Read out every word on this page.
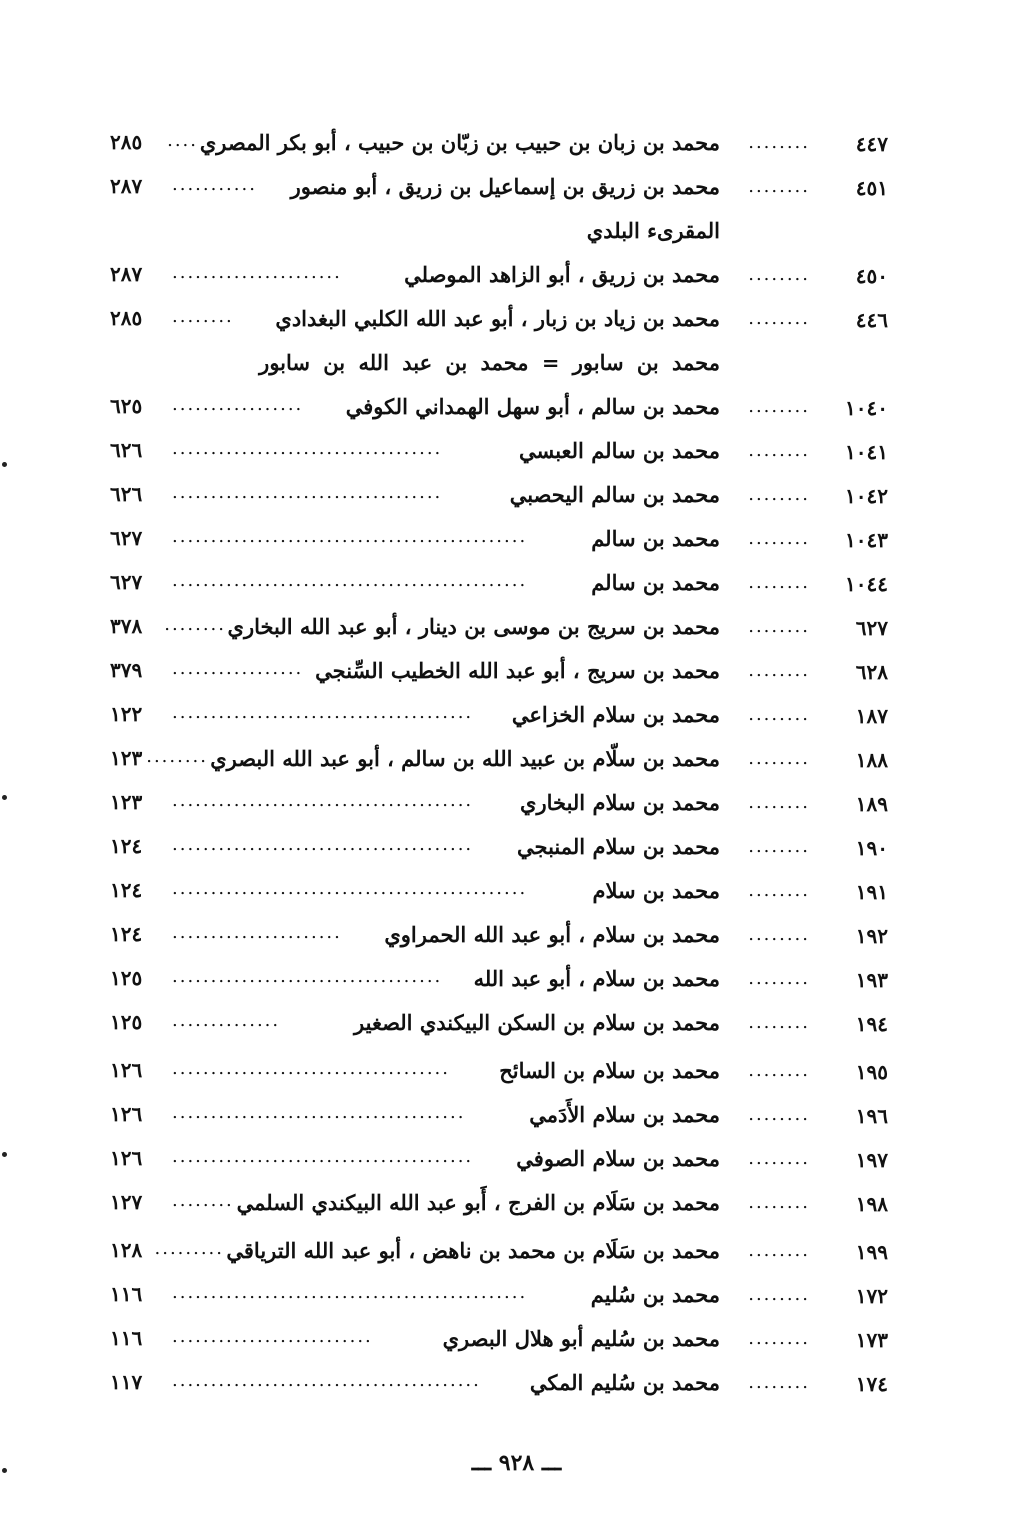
٤٤٧
........
محمد بن زبان بن حبيب بن زبّان بن حبيب ، أبو بكر المصري
....
٢٨٥
٤٥١
........
محمد بن زريق بن إسماعيل بن زريق ، أبو منصور
...........
٢٨٧
المقرىء البلدي
٤٥٠
........
محمد بن زريق ، أبو الزاهد الموصلي
......................
٢٨٧
٤٤٦
........
محمد بن زياد بن زبار ، أبو عبد الله الكلبي البغدادي
........
٢٨٥
محمد بن سابور = محمد بن عبد الله بن سابور
١٠٤٠
........
محمد بن سالم ، أبو سهل الهمداني الكوفي
.................
٦٢٥
١٠٤١
........
محمد بن سالم العبسي
...................................
٦٢٦
١٠٤٢
........
محمد بن سالم اليحصبي
...................................
٦٢٦
١٠٤٣
........
محمد بن سالم
..............................................
٦٢٧
١٠٤٤
........
محمد بن سالم
..............................................
٦٢٧
٦٢٧
........
محمد بن سريج بن موسى بن دينار ، أبو عبد الله البخاري
........
٣٧٨
٦٢٨
........
محمد بن سريج ، أبو عبد الله الخطيب السِّنجي
.................
٣٧٩
١٨٧
........
محمد بن سلام الخزاعي
.......................................
١٢٢
١٨٨
........
محمد بن سلّام بن عبيد الله بن سالم ، أبو عبد الله البصري
........
١٢٣
١٨٩
........
محمد بن سلام البخاري
.......................................
١٢٣
١٩٠
........
محمد بن سلام المنبجي
.......................................
١٢٤
١٩١
........
محمد بن سلام
..............................................
١٢٤
١٩٢
........
محمد بن سلام ، أبو عبد الله الحمراوي
......................
١٢٤
١٩٣
........
محمد بن سلام ، أبو عبد الله
...................................
١٢٥
١٩٤
........
محمد بن سلام بن السكن البيكندي الصغير
..............
١٢٥
١٩٥
........
محمد بن سلام بن السائح
....................................
١٢٦
١٩٦
........
محمد بن سلام الأَدَمي
......................................
١٢٦
١٩٧
........
محمد بن سلام الصوفي
.......................................
١٢٦
١٩٨
........
محمد بن سَلَام بن الفرج ، أَبو عبد الله البيكندي السلمي
........
١٢٧
١٩٩
........
محمد بن سَلَام بن محمد بن ناهض ، أبو عبد الله الترياقي
.........
١٢٨
١٧٢
........
محمد بن سُليم
..............................................
١١٦
١٧٣
........
محمد بن سُليم أبو هلال البصري
..........................
١١٦
١٧٤
........
محمد بن سُليم المكي
........................................
١١٧
ـــ ٩٢٨ ـــ
